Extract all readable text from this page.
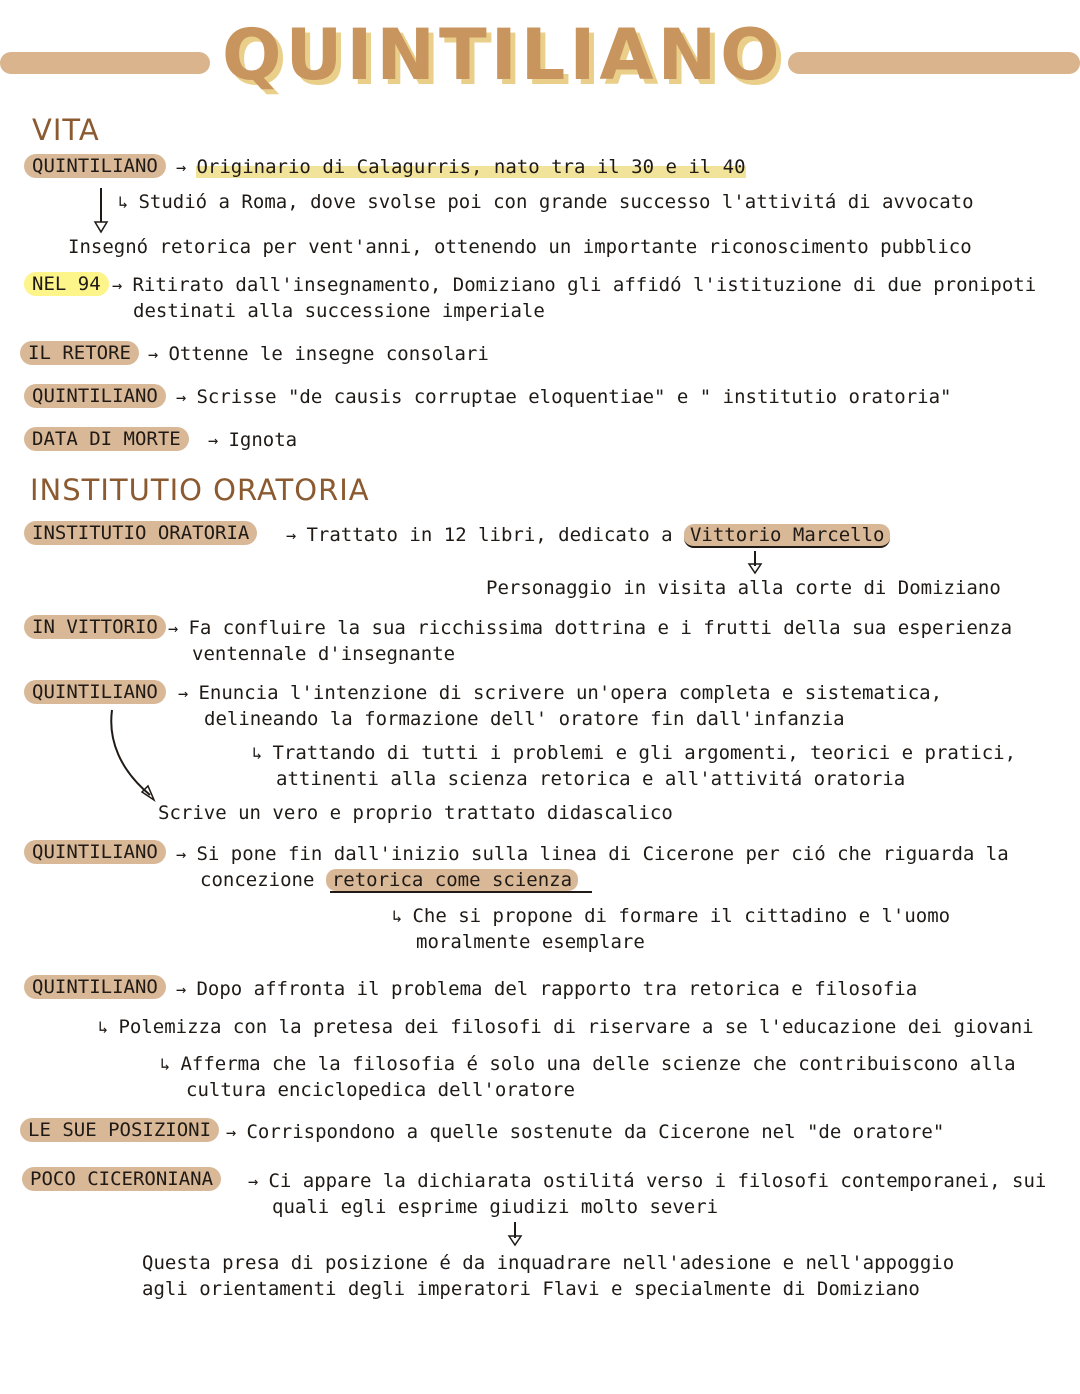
QUINTILIANO
VITA
QUINTILIANO	→ Originario di Calagurris, nato tra il 30 e il 40
↳ Studió a Roma, dove svolse poi con grande successo l'attivitá di avvocato
Insegnó retorica per vent'anni, ottenendo un importante riconoscimento pubblico
NEL 94 → Ritirato dall'insegnamento, Domiziano gli affidó l'istituzione di due pronipoti
destinati alla successione imperiale
IL RETORE	→ Ottenne le insegne consolari
QUINTILIANO	→ Scrisse "de causis corruptae eloquentiae" e " institutio oratoria"
DATA DI MORTE	→ Ignota
INSTITUTIO ORATORIA
INSTITUTIO ORATORIA	→ Trattato in 12 libri, dedicato a Vittorio Marcello
Personaggio in visita alla corte di Domiziano
IN VITTORIO → Fa confluire la sua ricchissima dottrina e i frutti della sua esperienza
ventennale d'insegnante
QUINTILIANO	→ Enuncia l'intenzione di scrivere un'opera completa e sistematica,
delineando la formazione dell' oratore fin dall'infanzia
↳ Trattando di tutti i problemi e gli argomenti, teorici e pratici,
attinenti alla scienza retorica e all'attivitá oratoria
Scrive un vero e proprio trattato didascalico
QUINTILIANO	→ Si pone fin dall'inizio sulla linea di Cicerone per ció che riguarda la
concezione retorica come scienza
↳ Che si propone di formare il cittadino e l'uomo
moralmente esemplare
QUINTILIANO	→ Dopo affronta il problema del rapporto tra retorica e filosofia
↳ Polemizza con la pretesa dei filosofi di riservare a se l'educazione dei giovani
↳ Afferma che la filosofia é solo una delle scienze che contribuiscono alla
cultura enciclopedica dell'oratore
LE SUE POSIZIONI → Corrispondono a quelle sostenute da Cicerone nel "de oratore"
POCO CICERONIANA	→ Ci appare la dichiarata ostilitá verso i filosofi contemporanei, sui
quali egli esprime giudizi molto severi
Questa presa di posizione é da inquadrare nell'adesione e nell'appoggio
agli orientamenti degli imperatori Flavi e specialmente di Domiziano
